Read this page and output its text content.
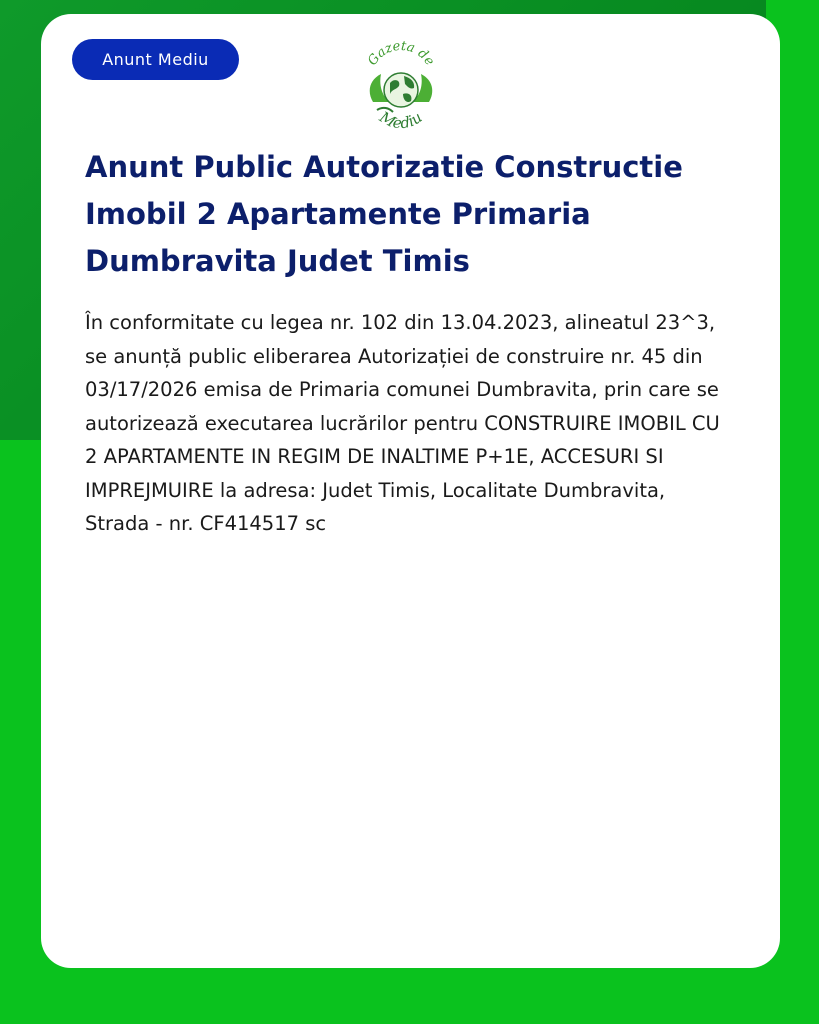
Anunt Mediu	Gazeta de
Mediu
Anunt Public Autorizatie Constructie Imobil 2 Apartamente Primaria Dumbravita Judet Timis

În conformitate cu legea nr. 102 din 13.04.2023, alineatul 23^3, se anunță public eliberarea Autorizației de construire nr. 45 din 03/17/2026 emisa de Primaria comunei Dumbravita, prin care se autorizează executarea lucrărilor pentru CONSTRUIRE IMOBIL CU 2 APARTAMENTE IN REGIM DE INALTIME P+1E, ACCESURI SI IMPREJMUIRE la adresa: Judet Timis, Localitate Dumbravita, Strada - nr. CF414517 sc
